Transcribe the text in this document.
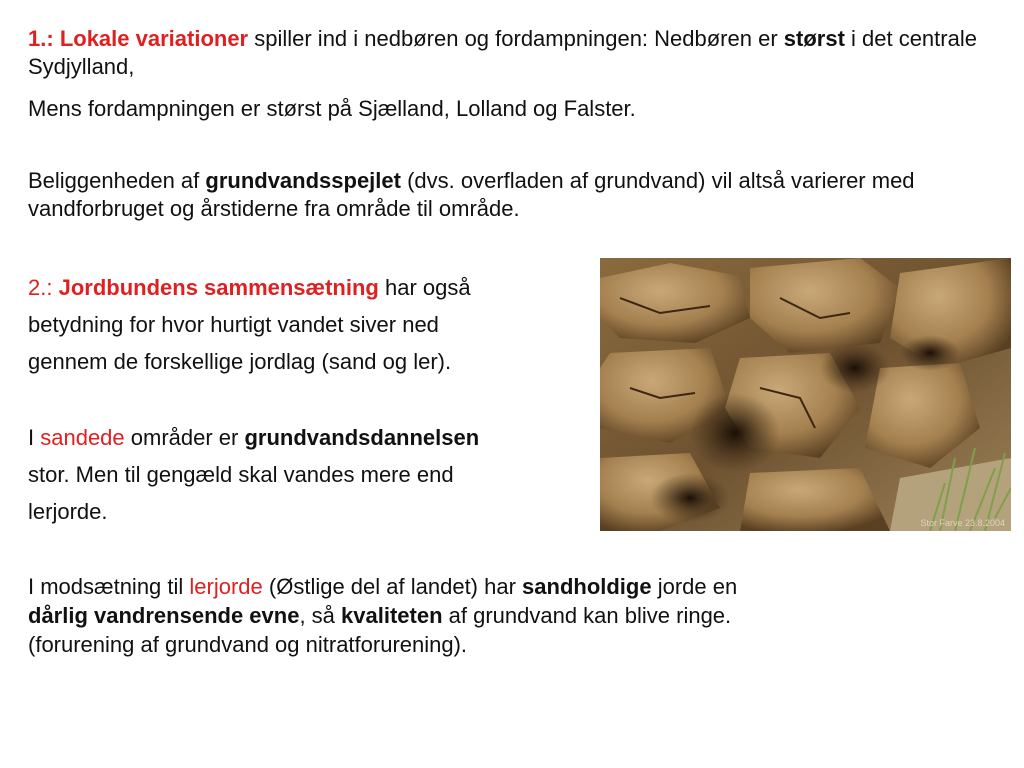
1.: Lokale variationer spiller ind i nedbøren og fordampningen: Nedbøren er størst i det centrale Sydjylland,

Mens fordampningen er størst på Sjælland, Lolland og Falster.

Beliggenheden af grundvandsspejlet (dvs. overfladen af grundvand) vil altså varierer med vandforbruget og årstiderne fra område til område.

2.: Jordbundens sammensætning har også
betydning for hvor hurtigt vandet siver ned
gennem de forskellige jordlag (sand og ler).

I sandede områder er grundvandsdannelsen
stor. Men til gengæld skal vandes mere end
lerjorde.

I modsætning til lerjorde (Østlige del af landet) har sandholdige jorde en
dårlig vandrensende evne, så kvaliteten af grundvand kan blive ringe.
(forurening af grundvand og nitratforurening).

Stor Farve 23.8.2004
